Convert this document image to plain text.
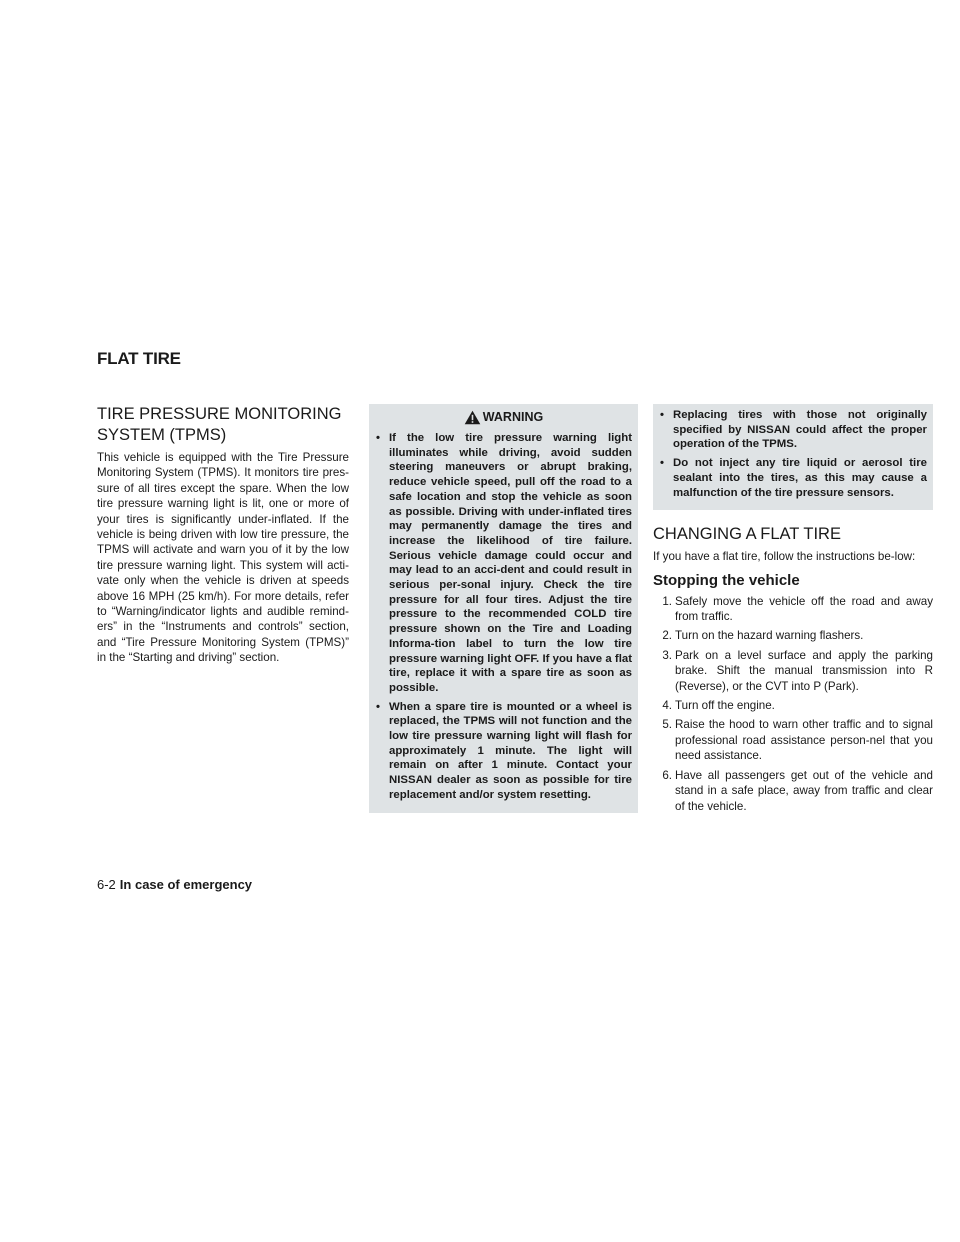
FLAT TIRE
TIRE PRESSURE MONITORING
SYSTEM (TPMS)

This vehicle is equipped with the Tire Pressure Monitoring System (TPMS). It monitors tire pres-sure of all tires except the spare. When the low tire pressure warning light is lit, one or more of your tires is significantly under-inflated. If the vehicle is being driven with low tire pressure, the TPMS will activate and warn you of it by the low tire pressure warning light. This system will acti-vate only when the vehicle is driven at speeds above 16 MPH (25 km/h). For more details, refer to “Warning/indicator lights and audible remind-ers” in the “Instruments and controls” section, and “Tire Pressure Monitoring System (TPMS)” in the “Starting and driving” section.

WARNING
• If the low tire pressure warning light illuminates while driving, avoid sudden steering maneuvers or abrupt braking, reduce vehicle speed, pull off the road to a safe location and stop the vehicle as soon as possible. Driving with under-inflated tires may permanently damage the tires and increase the likelihood of tire failure. Serious vehicle damage could occur and may lead to an acci-dent and could result in serious per-sonal injury. Check the tire pressure for all four tires. Adjust the tire pressure to the recommended COLD tire pressure shown on the Tire and Loading Informa-tion label to turn the low tire pressure warning light OFF. If you have a flat tire, replace it with a spare tire as soon as possible.
• When a spare tire is mounted or a wheel is replaced, the TPMS will not function and the low tire pressure warning light will flash for approximately 1 minute. The light will remain on after 1 minute. Contact your NISSAN dealer as soon as possible for tire replacement and/or system resetting.
• Replacing tires with those not originally specified by NISSAN could affect the proper operation of the TPMS.
• Do not inject any tire liquid or aerosol tire sealant into the tires, as this may cause a malfunction of the tire pressure sensors.
CHANGING A FLAT TIRE

If you have a flat tire, follow the instructions be-low:

Stopping the vehicle
1. Safely move the vehicle off the road and away from traffic.
2. Turn on the hazard warning flashers.
3. Park on a level surface and apply the parking brake. Shift the manual transmission into R (Reverse), or the CVT into P (Park).
4. Turn off the engine.
5. Raise the hood to warn other traffic and to signal professional road assistance person-nel that you need assistance.
6. Have all passengers get out of the vehicle and stand in a safe place, away from traffic and clear of the vehicle.
6-2 In case of emergency
